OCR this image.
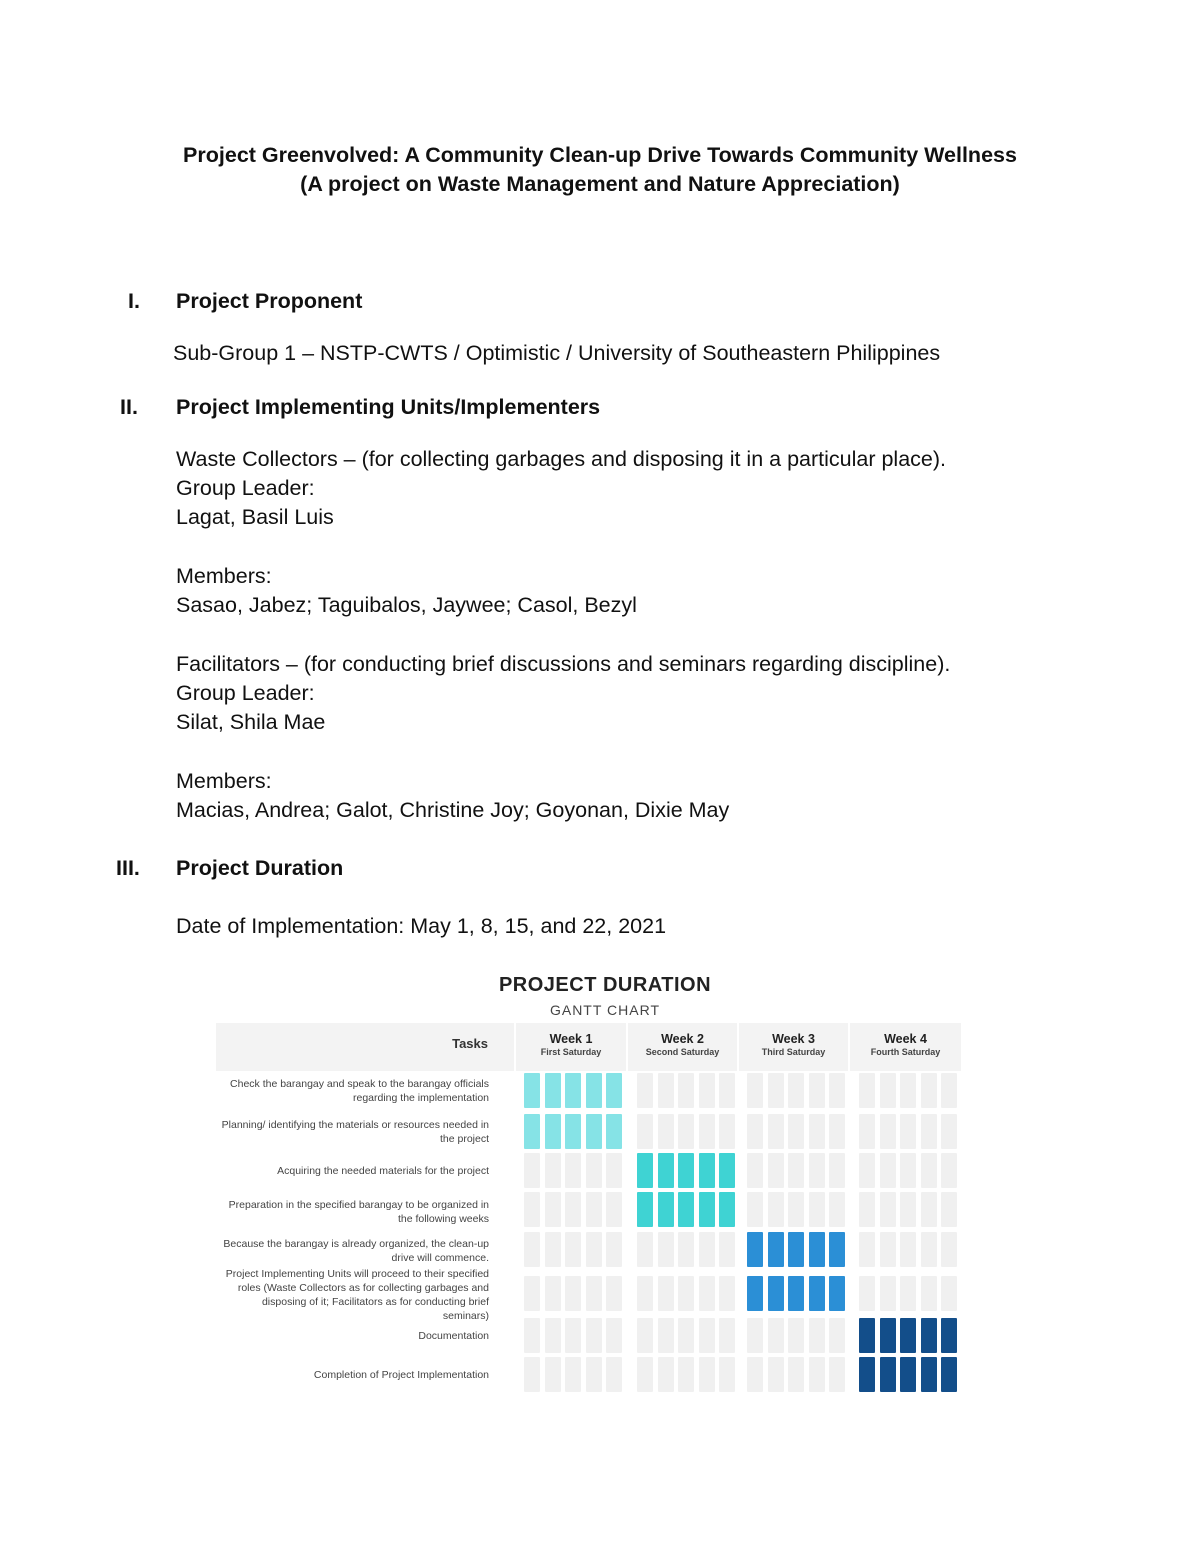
Project Greenvolved: A Community Clean-up Drive Towards Community Wellness
(A project on Waste Management and Nature Appreciation)
I. Project Proponent
Sub-Group 1 – NSTP-CWTS / Optimistic / University of Southeastern Philippines
II. Project Implementing Units/Implementers
Waste Collectors – (for collecting garbages and disposing it in a particular place).
Group Leader:
Lagat, Basil Luis
Members:
Sasao, Jabez; Taguibalos, Jaywee; Casol, Bezyl
Facilitators – (for conducting brief discussions and seminars regarding discipline).
Group Leader:
Silat, Shila Mae
Members:
Macias, Andrea; Galot, Christine Joy; Goyonan, Dixie May
III. Project Duration
Date of Implementation: May 1, 8, 15, and 22, 2021
PROJECT DURATION
GANTT CHART
Tasks	Week 1
First Saturday
Week 2
Second Saturday
Week 3
Third Saturday
Week 4
Fourth Saturday
Check the barangay and speak to the barangay officials regarding the implementation
Planning/ identifying the materials or resources needed in the project
Acquiring the needed materials for the project
Preparation in the specified barangay to be organized in the following weeks
Because the barangay is already organized, the clean-up drive will commence.
Project Implementing Units will proceed to their specified roles (Waste Collectors as for collecting garbages and disposing of it; Facilitators as for conducting brief seminars)
Documentation
Completion of Project Implementation
